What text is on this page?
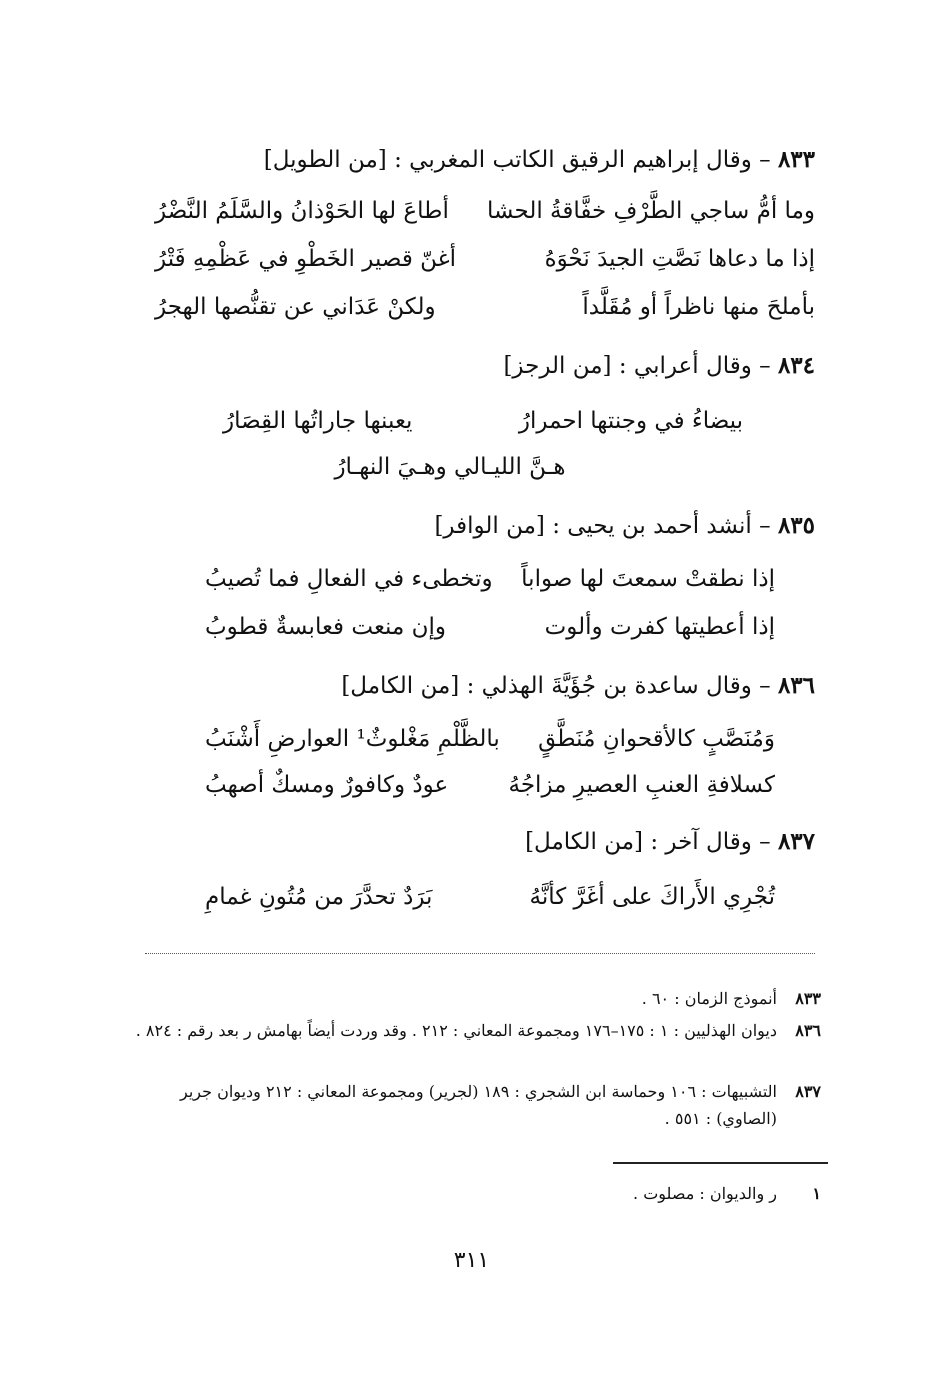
٨٣٣ – وقال إبراهيم الرقيق الكاتب المغربي : [من الطويل]
وما أمُّ ساجي الطَّرْفِ خفَّاقةُ الحشا
أطاعَ لها الحَوْذانُ والسَّلَمُ النَّضْرُ
إذا ما دعاها نَصَّتِ الجيدَ نَحْوَهُ
أغنّ قصير الخَطْوِ في عَظْمِهِ فَتْرُ
بأملحَ منها ناظراً أو مُقَلَّداً
ولكنْ عَدَاني عن تقنُّصها الهجرُ
٨٣٤ – وقال أعرابي : [من الرجز]
بيضاءُ في وجنتها احمرارُ
يعبنها جاراتُها القِصَارُ
هـنَّ الليـالي وهـيَ النهـارُ
٨٣٥ – أنشد أحمد بن يحيى : [من الوافر]
إذا نطقتْ سمعتَ لها صواباً
وتخطىء في الفعالِ فما تُصيبُ
إذا أعطيتها كفرت وألوت
وإن منعت فعابسةٌ قطوبُ
٨٣٦ – وقال ساعدة بن جُؤَيَّةَ الهذلي : [من الكامل]
وَمُنَصَّبٍ كالأقحوانِ مُنَطَّقٍ
بالظَّلْمِ مَغْلوثٌ¹ العوارضِ أَشْنَبُ
كسلافةِ العنبِ العصيرِ مزاجُهُ
عودٌ وكافورٌ ومسكٌ أصهبُ
٨٣٧ – وقال آخر : [من الكامل]
تُجْرِي الأَراكَ على أغَرَّ كأنَّهُ
بَرَدٌ تحدَّرَ من مُتُونِ غمامِ
٨٣٣
أنموذج الزمان : ٦٠ .
٨٣٦
ديوان الهذليين : ١ : ١٧٥–١٧٦ ومجموعة المعاني : ٢١٢ . وقد وردت أيضاً بهامش ر بعد رقم : ٨٢٤ .
٨٣٧
التشبيهات : ١٠٦ وحماسة ابن الشجري : ١٨٩ (لجرير) ومجموعة المعاني : ٢١٢ وديوان جرير (الصاوي) : ٥٥١ .
١
ر والديوان : مصلوت .
٣١١
